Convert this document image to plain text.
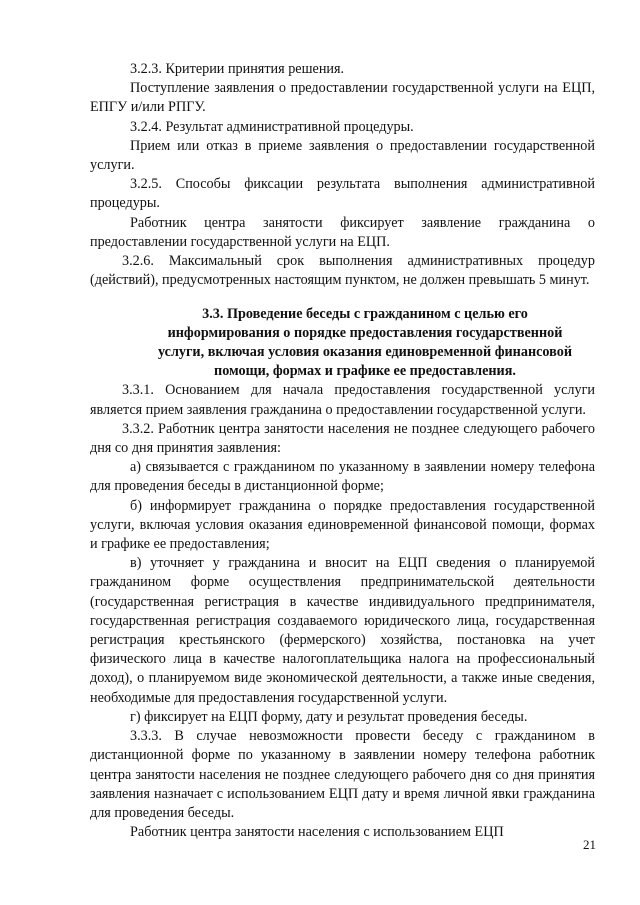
3.2.3. Критерии принятия решения.

Поступление заявления о предоставлении государственной услуги на ЕЦП, ЕПГУ и/или РПГУ.

3.2.4. Результат административной процедуры.

Прием или отказ в приеме заявления о предоставлении государственной услуги.

3.2.5. Способы фиксации результата выполнения административной процедуры.

Работник центра занятости фиксирует заявление гражданина о предоставлении государственной услуги на ЕЦП.

3.2.6. Максимальный срок выполнения административных процедур (действий), предусмотренных настоящим пунктом, не должен превышать 5 минут.

3.3. Проведение беседы с гражданином с целью его информирования о порядке предоставления государственной услуги, включая условия оказания единовременной финансовой помощи, формах и графике ее предоставления.

3.3.1. Основанием для начала предоставления государственной услуги является прием заявления гражданина о предоставлении государственной услуги.

3.3.2. Работник центра занятости населения не позднее следующего рабочего дня со дня принятия заявления:

а) связывается с гражданином по указанному в заявлении номеру телефона для проведения беседы в дистанционной форме;

б) информирует гражданина о порядке предоставления государственной услуги, включая условия оказания единовременной финансовой помощи, формах и графике ее предоставления;

в) уточняет у гражданина и вносит на ЕЦП сведения о планируемой гражданином форме осуществления предпринимательской деятельности (государственная регистрация в качестве индивидуального предпринимателя, государственная регистрация создаваемого юридического лица, государственная регистрация крестьянского (фермерского) хозяйства, постановка на учет физического лица в качестве налогоплательщика налога на профессиональный доход), о планируемом виде экономической деятельности, а также иные сведения, необходимые для предоставления государственной услуги.

г) фиксирует на ЕЦП форму, дату и результат проведения беседы.

3.3.3. В случае невозможности провести беседу с гражданином в дистанционной форме по указанному в заявлении номеру телефона работник центра занятости населения не позднее следующего рабочего дня со дня принятия заявления назначает с использованием ЕЦП дату и время личной явки гражданина для проведения беседы.

Работник центра занятости населения с использованием ЕЦП

21
